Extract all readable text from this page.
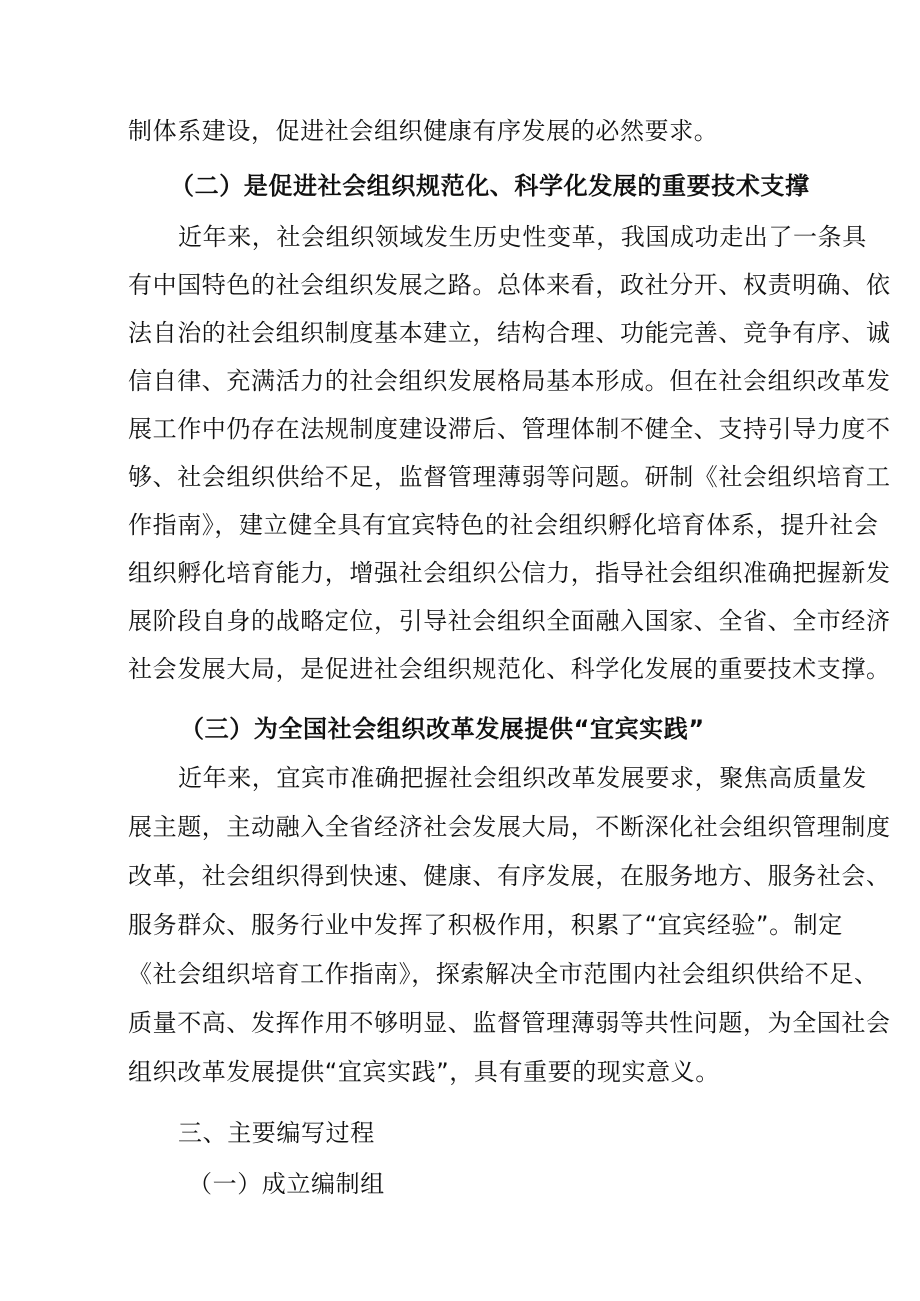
制体系建设，促进社会组织健康有序发展的必然要求。
（二）是促进社会组织规范化、科学化发展的重要技术支撑
近年来，社会组织领域发生历史性变革，我国成功走出了一条具
有中国特色的社会组织发展之路。总体来看，政社分开、权责明确、依
法自治的社会组织制度基本建立，结构合理、功能完善、竞争有序、诚
信自律、充满活力的社会组织发展格局基本形成。但在社会组织改革发
展工作中仍存在法规制度建设滞后、管理体制不健全、支持引导力度不
够、社会组织供给不足，监督管理薄弱等问题。研制《社会组织培育工
作指南》，建立健全具有宜宾特色的社会组织孵化培育体系，提升社会
组织孵化培育能力，增强社会组织公信力，指导社会组织准确把握新发
展阶段自身的战略定位，引导社会组织全面融入国家、全省、全市经济
社会发展大局，是促进社会组织规范化、科学化发展的重要技术支撑。
（三）为全国社会组织改革发展提供“宜宾实践”
近年来，宜宾市准确把握社会组织改革发展要求，聚焦高质量发
展主题，主动融入全省经济社会发展大局，不断深化社会组织管理制度
改革，社会组织得到快速、健康、有序发展，在服务地方、服务社会、
服务群众、服务行业中发挥了积极作用，积累了“宜宾经验”。制定
《社会组织培育工作指南》，探索解决全市范围内社会组织供给不足、
质量不高、发挥作用不够明显、监督管理薄弱等共性问题，为全国社会
组织改革发展提供“宜宾实践”，具有重要的现实意义。
三、主要编写过程
（一）成立编制组
